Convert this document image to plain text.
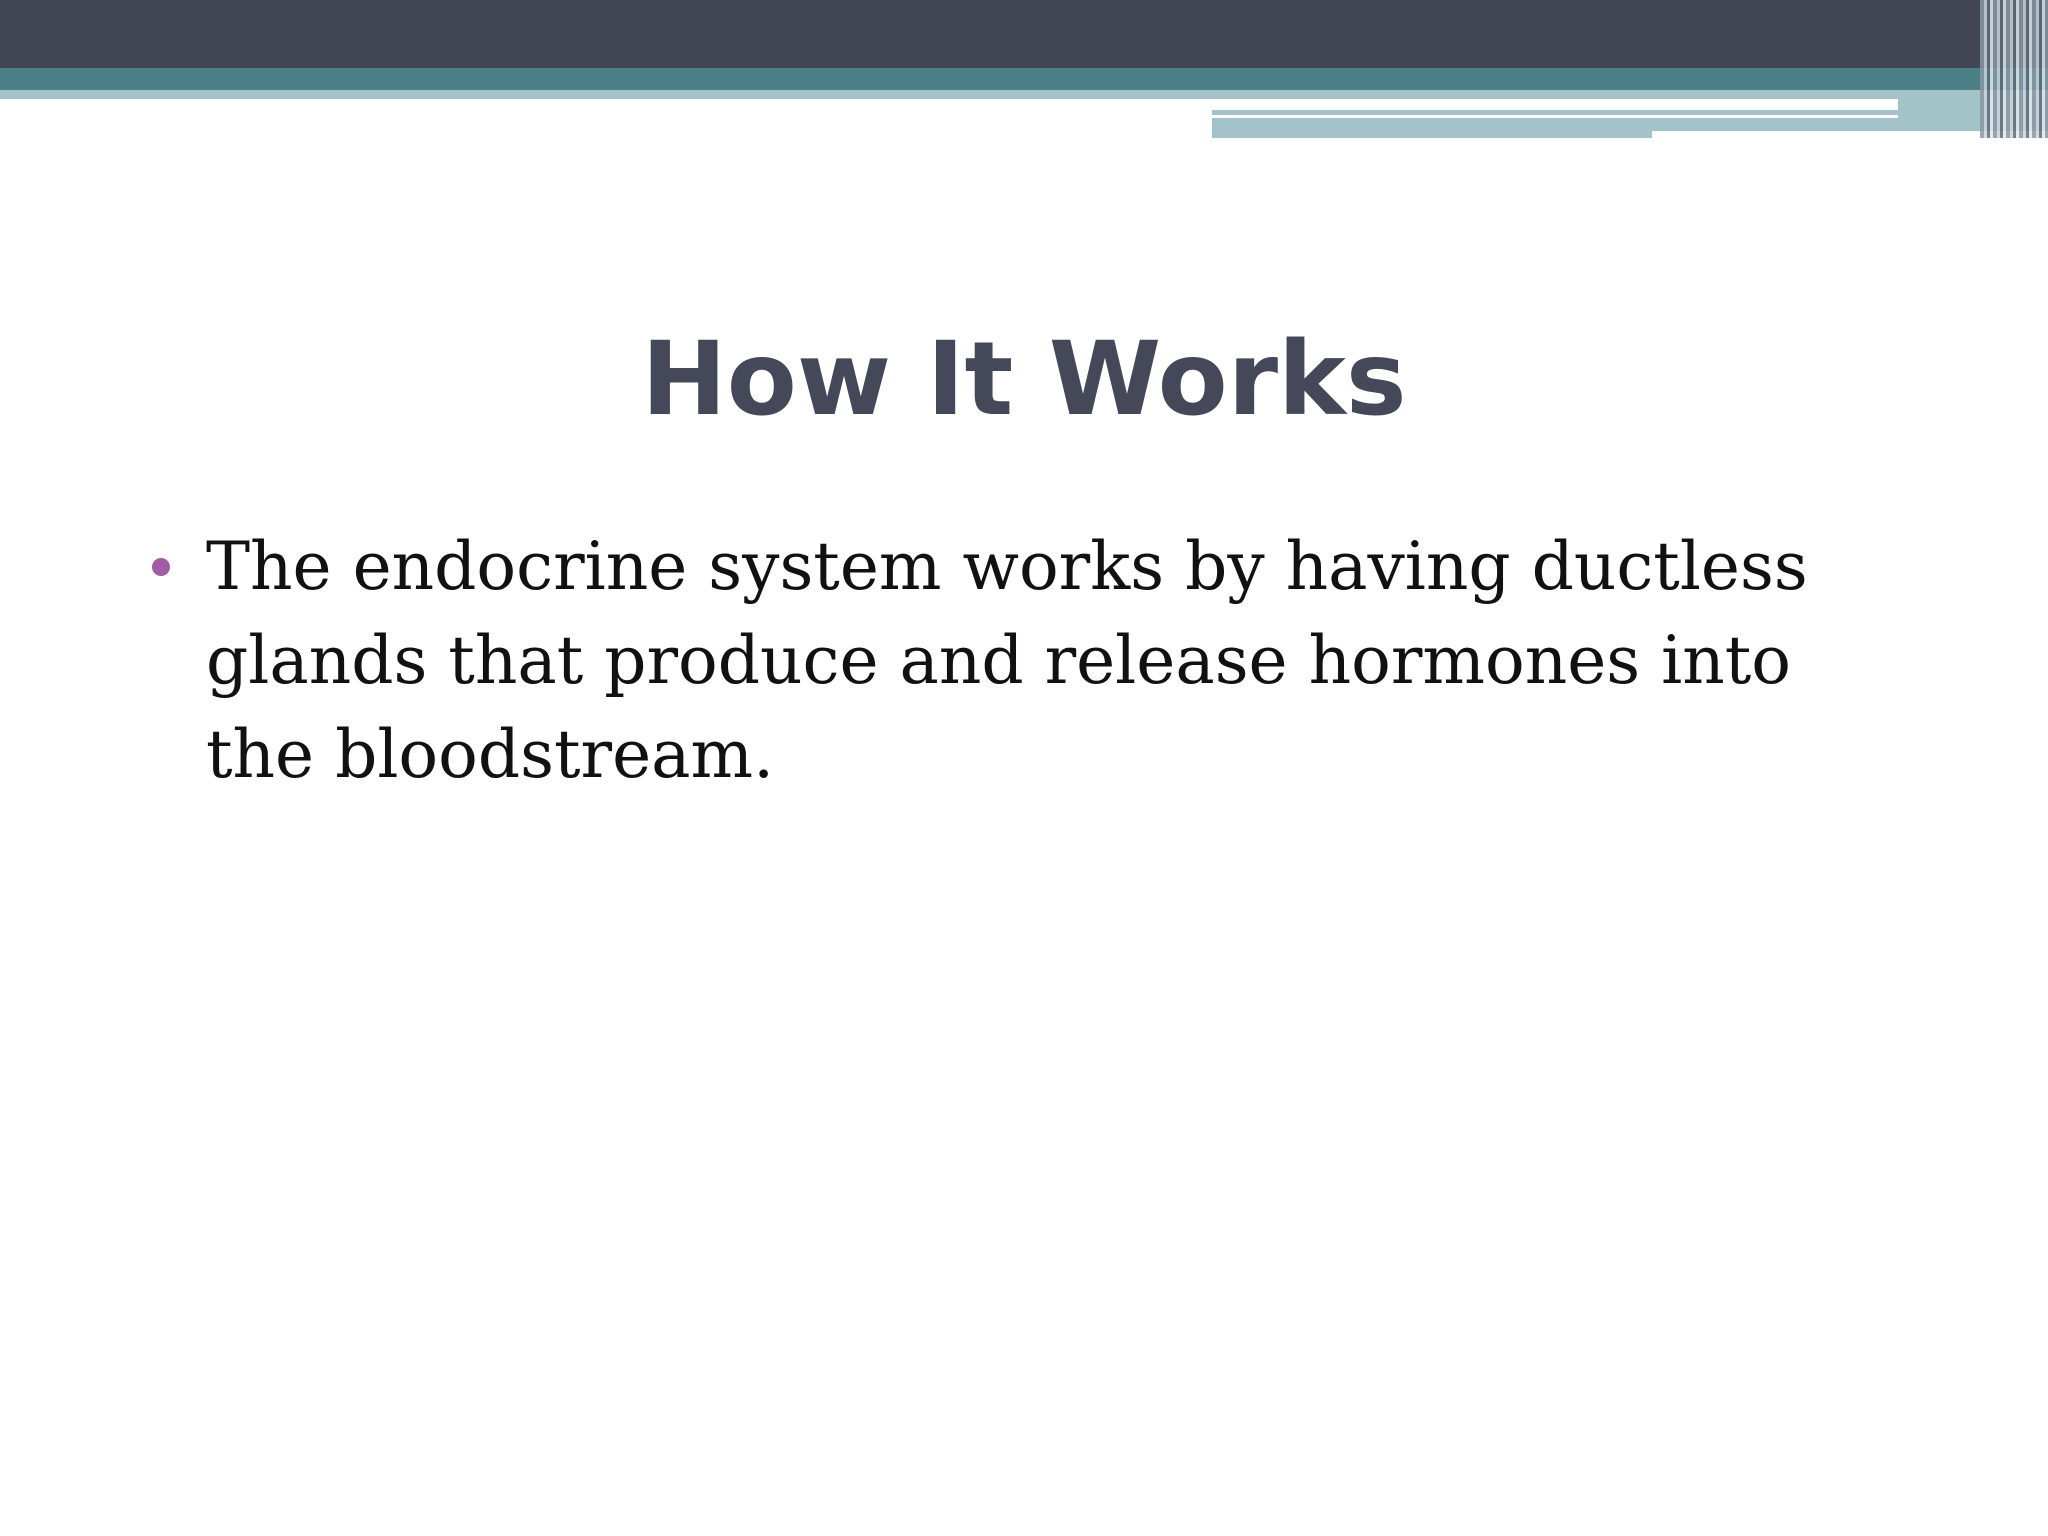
How It Works
The endocrine system works by having ductless glands that produce and release hormones into the bloodstream.
